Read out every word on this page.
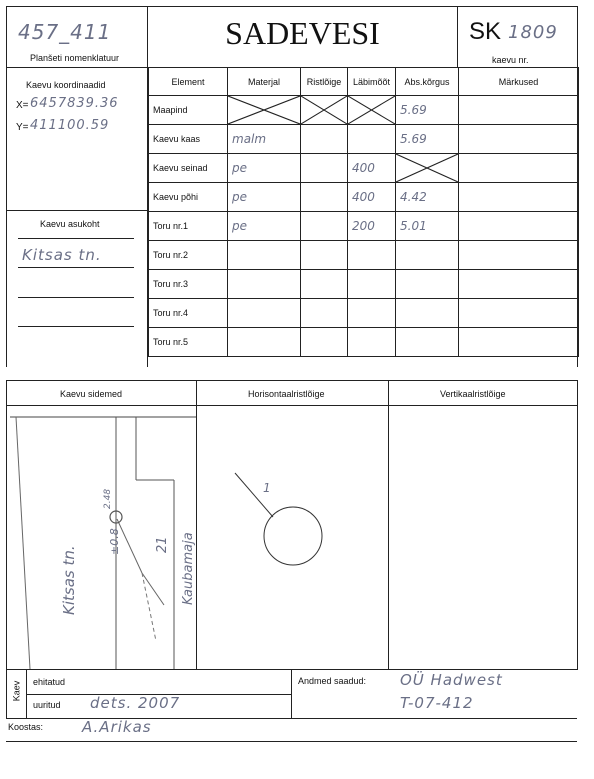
457_411
Planšeti nomenklatuur
SADEVESI	SK 1809
kaevu nr.
Kaevu koordinaadid
X= 6457839.36
Y= 411100.59
Kaevu asukoht
Kitsas tn.
Element	Materjal	Ristlõige	Läbimõõt	Abs.kõrgus	Märkused
Maapind				5.69	
Kaevu kaas	malm			5.69	
Kaevu seinad	pe		400	

Kaevu põhi	pe		400	4.42	
Toru nr.1	pe		200	5.01	
Toru nr.2					
Toru nr.3					
Toru nr.4					
Toru nr.5					
Kaevu sidemed	Horisontaalristlõige	Vertikaalristlõige
Kitsas tn.
21 Kaubamaja
2.48
±0.8
1
Kaev ehitatud
uuritud dets. 2007
Andmed saadud: OÜ Hadwest
T-07-412
Koostas:	A.Arikas
